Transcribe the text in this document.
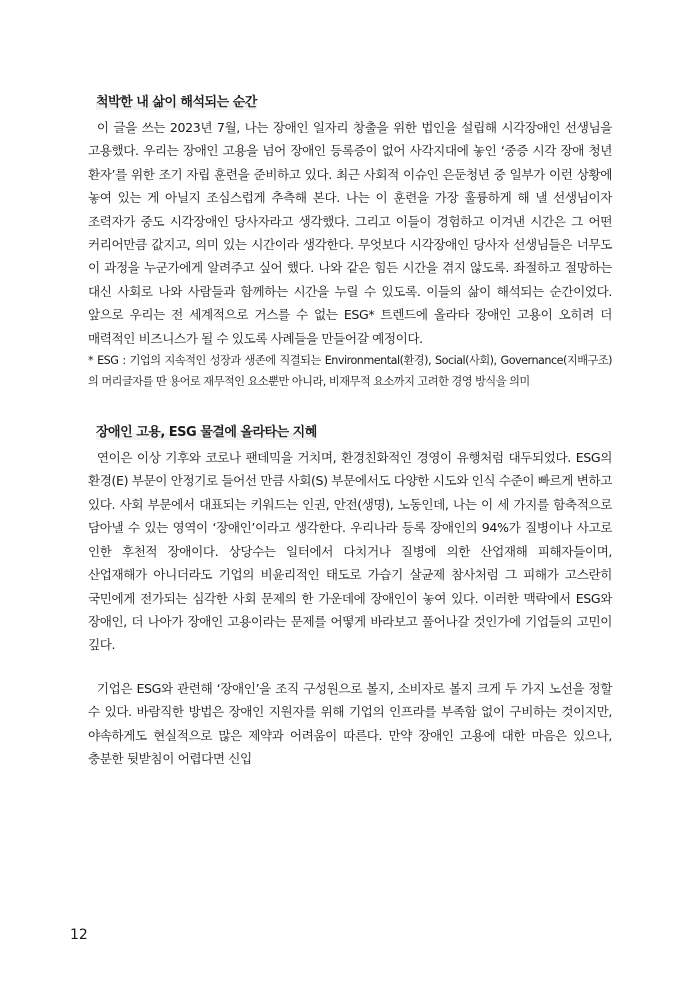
척박한 내 삶이 해석되는 순간

이 글을 쓰는 2023년 7월, 나는 장애인 일자리 창출을 위한 법인을 설립해 시각장애인 선생님을 고용했다. 우리는 장애인 고용을 넘어 장애인 등록증이 없어 사각지대에 놓인 ‘중증 시각 장애 청년 환자’를 위한 조기 자립 훈련을 준비하고 있다. 최근 사회적 이슈인 은둔청년 중 일부가 이런 상황에 놓여 있는 게 아닐지 조심스럽게 추측해 본다. 나는 이 훈련을 가장 훌륭하게 해 낼 선생님이자 조력자가 중도 시각장애인 당사자라고 생각했다. 그리고 이들이 경험하고 이겨낸 시간은 그 어떤 커리어만큼 값지고, 의미 있는 시간이라 생각한다. 무엇보다 시각장애인 당사자 선생님들은 너무도 이 과정을 누군가에게 알려주고 싶어 했다. 나와 같은 힘든 시간을 겪지 않도록. 좌절하고 절망하는 대신 사회로 나와 사람들과 함께하는 시간을 누릴 수 있도록. 이들의 삶이 해석되는 순간이었다. 앞으로 우리는 전 세계적으로 거스를 수 없는 ESG* 트렌드에 올라타 장애인 고용이 오히려 더 매력적인 비즈니스가 될 수 있도록 사례들을 만들어갈 예정이다.

* ESG : 기업의 지속적인 성장과 생존에 직결되는 Environmental(환경), Social(사회), Governance(지배구조)의 머리글자를 딴 용어로 재무적인 요소뿐만 아니라, 비재무적 요소까지 고려한 경영 방식을 의미

장애인 고용, ESG 물결에 올라타는 지혜

연이은 이상 기후와 코로나 팬데믹을 거치며, 환경친화적인 경영이 유행처럼 대두되었다. ESG의 환경(E) 부문이 안정기로 들어선 만큼 사회(S) 부문에서도 다양한 시도와 인식 수준이 빠르게 변하고 있다. 사회 부문에서 대표되는 키워드는 인권, 안전(생명), 노동인데, 나는 이 세 가지를 함축적으로 담아낼 수 있는 영역이 ‘장애인’이라고 생각한다. 우리나라 등록 장애인의 94%가 질병이나 사고로 인한 후천적 장애이다. 상당수는 일터에서 다치거나 질병에 의한 산업재해 피해자들이며, 산업재해가 아니더라도 기업의 비윤리적인 태도로 가습기 살균제 참사처럼 그 피해가 고스란히 국민에게 전가되는 심각한 사회 문제의 한 가운데에 장애인이 놓여 있다. 이러한 맥락에서 ESG와 장애인, 더 나아가 장애인 고용이라는 문제를 어떻게 바라보고 풀어나갈 것인가에 기업들의 고민이 깊다.

기업은 ESG와 관련해 ‘장애인’을 조직 구성원으로 볼지, 소비자로 볼지 크게 두 가지 노선을 정할 수 있다. 바람직한 방법은 장애인 지원자를 위해 기업의 인프라를 부족함 없이 구비하는 것이지만, 야속하게도 현실적으로 많은 제약과 어려움이 따른다. 만약 장애인 고용에 대한 마음은 있으나, 충분한 뒷받침이 어렵다면 신입

12
